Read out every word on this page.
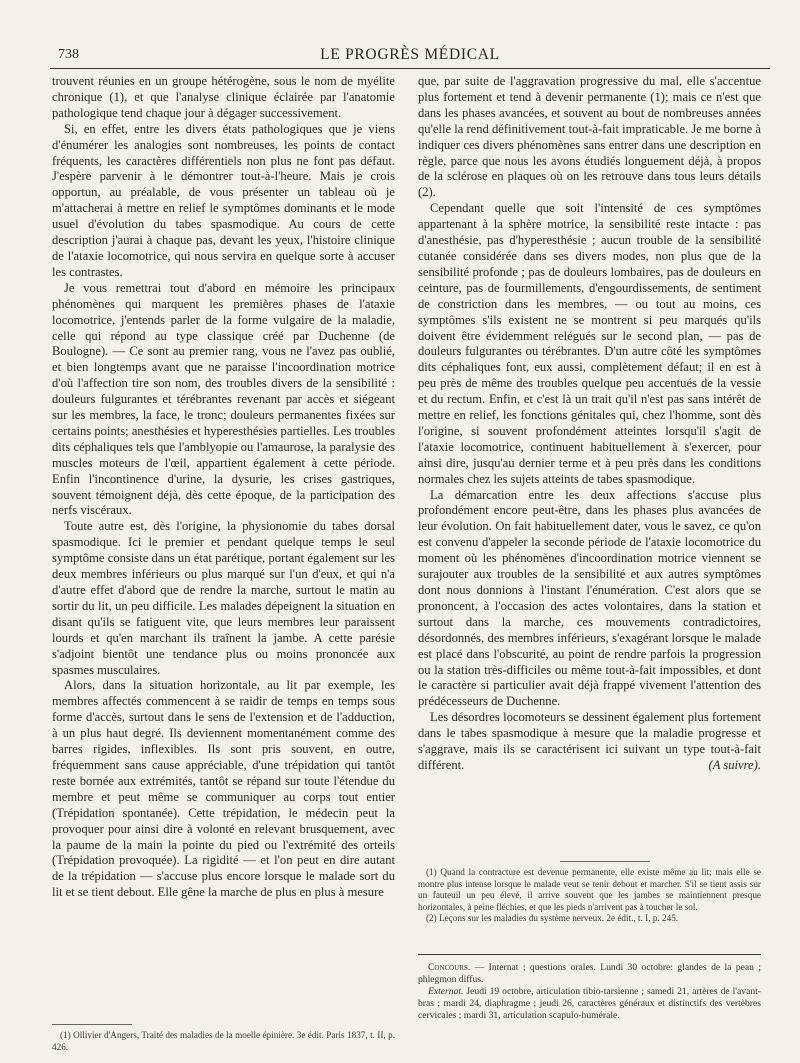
738	LE PROGRÈS MÉDICAL

trouvent réunies en un groupe hétérogène, sous le nom de myélite chronique (1), et que l'analyse clinique éclairée par l'anatomie pathologique tend chaque jour à dégager successivement.

Si, en effet, entre les divers états pathologiques que je viens d'énumérer les analogies sont nombreuses, les points de contact fréquents, les caractères différentiels non plus ne font pas défaut. J'espère parvenir à le démontrer tout-à-l'heure. Mais je crois opportun, au préalable, de vous présenter un tableau où je m'attacherai à mettre en relief le symptômes dominants et le mode usuel d'évolution du tabes spasmodique. Au cours de cette description j'aurai à chaque pas, devant les yeux, l'histoire clinique de l'ataxie locomotrice, qui nous servira en quelque sorte à accuser les contrastes.

Je vous remettrai tout d'abord en mémoire les principaux phénomènes qui marquent les premières phases de l'ataxie locomotrice, j'entends parler de la forme vulgaire de la maladie, celle qui répond au type classique créé par Duchenne (de Boulogne). — Ce sont au premier rang, vous ne l'avez pas oublié, et bien longtemps avant que ne paraisse l'incoordination motrice d'où l'affection tire son nom, des troubles divers de la sensibilité : douleurs fulgurantes et térébrantes revenant par accès et siégeant sur les membres, la face, le tronc; douleurs permanentes fixées sur certains points; anesthésies et hyperesthésies partielles. Les troubles dits céphaliques tels que l'amblyopie ou l'amaurose, la paralysie des muscles moteurs de l'œil, appartient également à cette période. Enfin l'incontinence d'urine, la dysurie, les crises gastriques, souvent témoignent déjà, dès cette époque, de la participation des nerfs viscéraux.

Toute autre est, dès l'origine, la physionomie du tabes dorsal spasmodique. Ici le premier et pendant quelque temps le seul symptôme consiste dans un état parétique, portant également sur les deux membres inférieurs ou plus marqué sur l'un d'eux, et qui n'a d'autre effet d'abord que de rendre la marche, surtout le matin au sortir du lit, un peu difficile. Les malades dépeignent la situation en disant qu'ils se fatiguent vite, que leurs membres leur paraissent lourds et qu'en marchant ils traînent la jambe. A cette parésie s'adjoint bientôt une tendance plus ou moins prononcée aux spasmes musculaires.

Alors, dans la situation horizontale, au lit par exemple, les membres affectés commencent à se raidir de temps en temps sous forme d'accès, surtout dans le sens de l'extension et de l'adduction, à un plus haut degré. Ils deviennent momentanément comme des barres rigides, inflexibles. Ils sont pris souvent, en outre, fréquemment sans cause appréciable, d'une trépidation qui tantôt reste bornée aux extrémités, tantôt se répand sur toute l'étendue du membre et peut même se communiquer au corps tout entier (Trépidation spontanée). Cette trépidation, le médecin peut la provoquer pour ainsi dire à volonté en relevant brusquement, avec la paume de la main la pointe du pied ou l'extrémité des orteils (Trépidation provoquée). La rigidité — et l'on peut en dire autant de la trépidation — s'accuse plus encore lorsque le malade sort du lit et se tient debout. Elle gêne la marche de plus en plus à mesure

(1) Ollivier d'Angers, Traité des maladies de la moelle épinière. 3e édit. Paris 1837, t. II, p. 426.

que, par suite de l'aggravation progressive du mal, elle s'accentue plus fortement et tend à devenir permanente (1); mais ce n'est que dans les phases avancées, et souvent au bout de nombreuses années qu'elle la rend définitivement tout-à-fait impraticable. Je me borne à indiquer ces divers phénomènes sans entrer dans une description en règle, parce que nous les avons étudiés longuement déjà, à propos de la sclérose en plaques où on les retrouve dans tous leurs détails (2).

Cependant quelle que soit l'intensité de ces symptômes appartenant à la sphère motrice, la sensibilité reste intacte : pas d'anesthésie, pas d'hyperesthésie ; aucun trouble de la sensibilité cutanée considérée dans ses divers modes, non plus que de la sensibilité profonde ; pas de douleurs lombaires, pas de douleurs en ceinture, pas de fourmillements, d'engourdissements, de sentiment de constriction dans les membres, — ou tout au moins, ces symptômes s'ils existent ne se montrent si peu marqués qu'ils doivent être évidemment relégués sur le second plan, — pas de douleurs fulgurantes ou térébrantes. D'un autre côté les symptômes dits céphaliques font, eux aussi, complètement défaut; il en est à peu près de même des troubles quelque peu accentués de la vessie et du rectum. Enfin, et c'est là un trait qu'il n'est pas sans intérêt de mettre en relief, les fonctions génitales qui, chez l'homme, sont dès l'origine, si souvent profondément atteintes lorsqu'il s'agit de l'ataxie locomotrice, continuent habituellement à s'exercer, pour ainsi dire, jusqu'au dernier terme et à peu près dans les conditions normales chez les sujets atteints de tabes spasmodique.

La démarcation entre les deux affections s'accuse plus profondément encore peut-être, dans les phases plus avancées de leur évolution. On fait habituellement dater, vous le savez, ce qu'on est convenu d'appeler la seconde période de l'ataxie locomotrice du moment où les phénomènes d'incoordination motrice viennent se surajouter aux troubles de la sensibilité et aux autres symptômes dont nous donnions à l'instant l'énumération. C'est alors que se prononcent, à l'occasion des actes volontaires, dans la station et surtout dans la marche, ces mouvements contradictoires, désordonnés, des membres inférieurs, s'exagérant lorsque le malade est placé dans l'obscurité, au point de rendre parfois la progression ou la station très-difficiles ou même tout-à-fait impossibles, et dont le caractère si particulier avait déjà frappé vivement l'attention des prédécesseurs de Duchenne.

Les désordres locomoteurs se dessinent également plus fortement dans le tabes spasmodique à mesure que la maladie progresse et s'aggrave, mais ils se caractérisent ici suivant un type tout-à-fait différent.	(A suivre).

(1) Quand la contracture est devenue permanente, elle existe même au lit; mais elle se montre plus intense lorsque le malade veut se tenir debout et marcher. S'il se tient assis sur un fauteuil un peu élevé, il arrive souvent que les jambes se maintiennent presque horizontales, à peine fléchies, et que les pieds n'arrivent pas à toucher le sol.

(2) Leçons sur les maladies du système nerveux. 2e édit., t. I, p. 245.

Concours. — Internat ; questions orales. Lundi 30 octobre: glandes de la peau ; phlegmon diffus.

Externat. Jeudi 19 octobre, articulation tibio-tarsienne ; samedi 21, artères de l'avant-bras ; mardi 24, diaphragme ; jeudi 26, caractères généraux et distinctifs des vertèbres cervicales ; mardi 31, articulation scapulo-humérale.
